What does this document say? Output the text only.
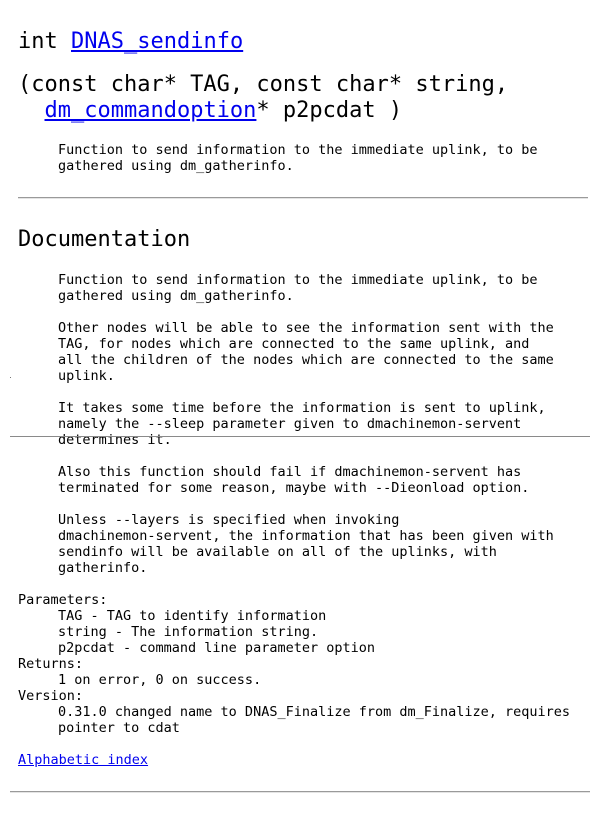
int DNAS_sendinfo
(const char* TAG, const char* string,
dm_commandoption* p2pcdat )
Function to send information to the immediate uplink, to be
gathered using dm_gatherinfo.
Documentation
Function to send information to the immediate uplink, to be
gathered using dm_gatherinfo.
Other nodes will be able to see the information sent with the
TAG, for nodes which are connected to the same uplink, and
all the children of the nodes which are connected to the same
uplink.
It takes some time before the information is sent to uplink,
namely the --sleep parameter given to dmachinemon-servent
determines it.
Also this function should fail if dmachinemon-servent has
terminated for some reason, maybe with --Dieonload option.
Unless --layers is specified when invoking
dmachinemon-servent, the information that has been given with
sendinfo will be available on all of the uplinks, with
gatherinfo.
Parameters:
TAG - TAG to identify information
string - The information string.
p2pcdat - command line parameter option
Returns:
1 on error, 0 on success.
Version:
0.31.0 changed name to DNAS_Finalize from dm_Finalize, requires
pointer to cdat
Alphabetic index
